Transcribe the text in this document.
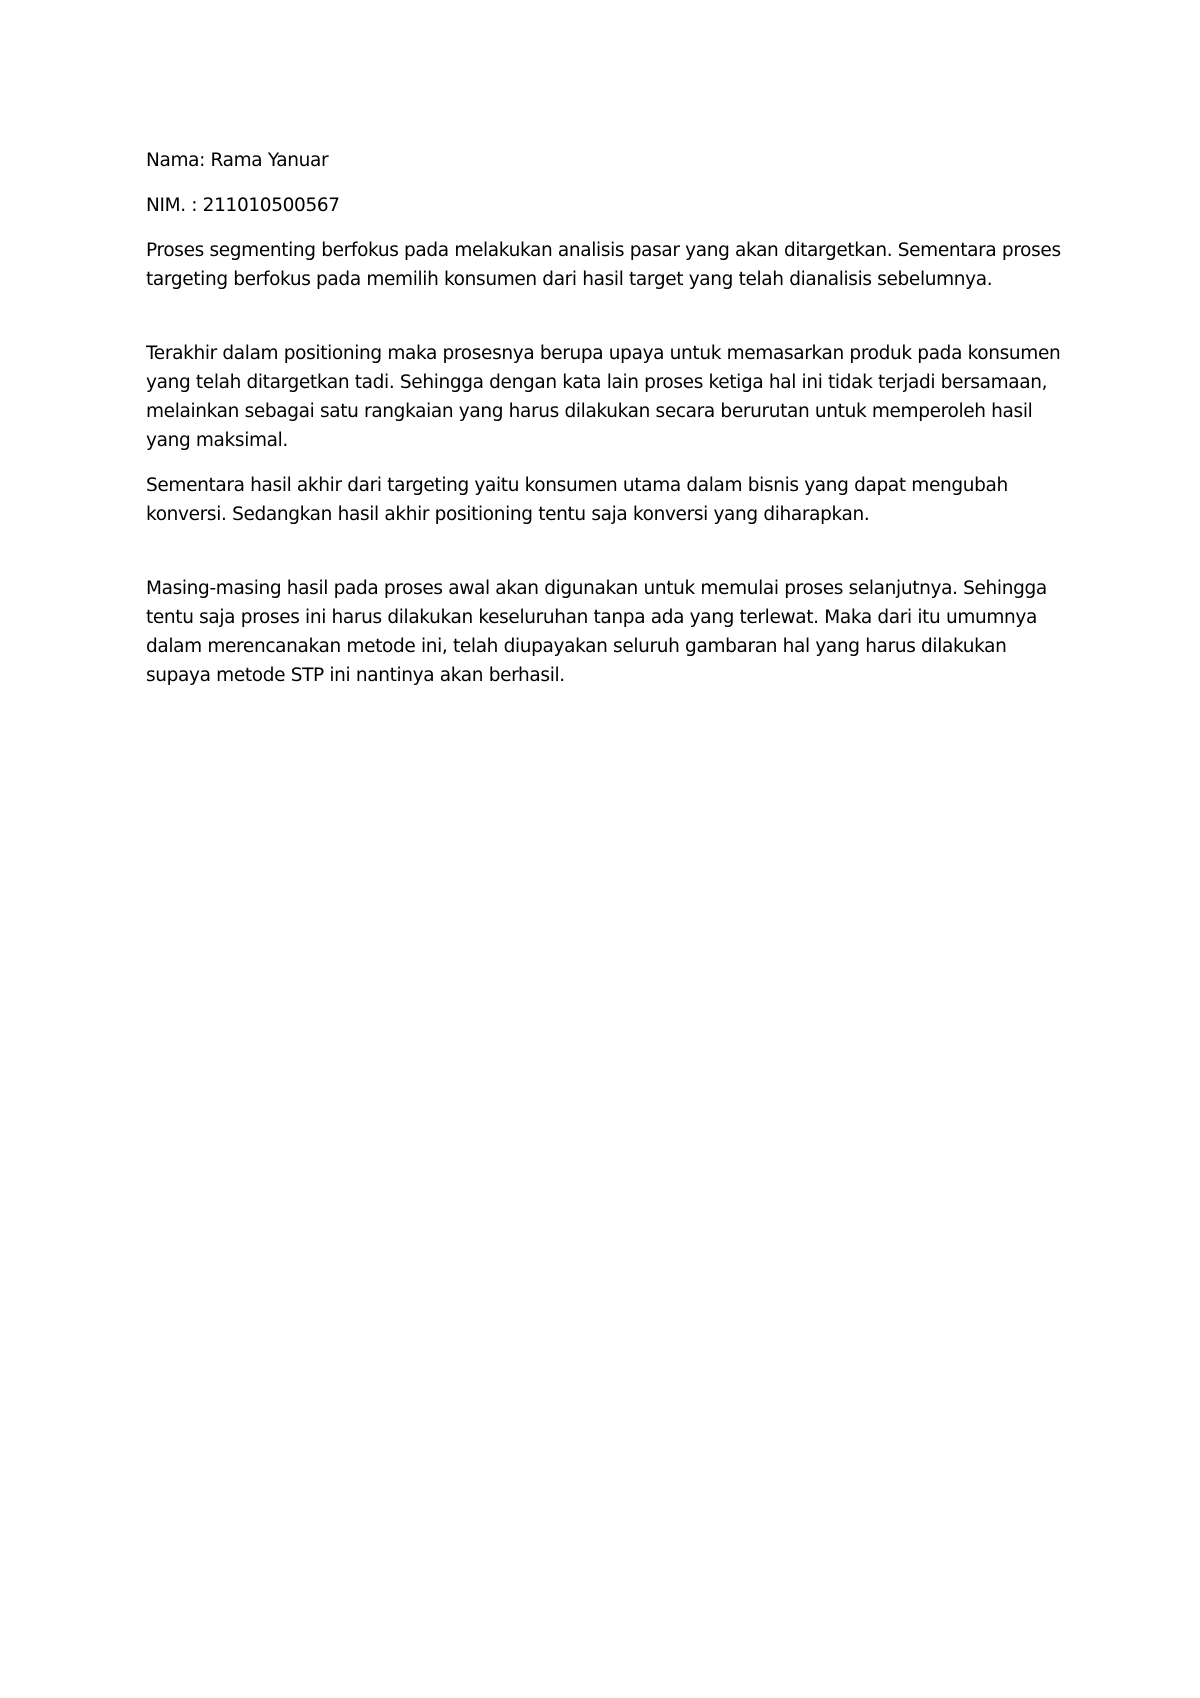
Nama: Rama Yanuar

NIM. : 211010500567

Proses segmenting berfokus pada melakukan analisis pasar yang akan ditargetkan. Sementara proses targeting berfokus pada memilih konsumen dari hasil target yang telah dianalisis sebelumnya.

Terakhir dalam positioning maka prosesnya berupa upaya untuk memasarkan produk pada konsumen yang telah ditargetkan tadi. Sehingga dengan kata lain proses ketiga hal ini tidak terjadi bersamaan, melainkan sebagai satu rangkaian yang harus dilakukan secara berurutan untuk memperoleh hasil yang maksimal.

Sementara hasil akhir dari targeting yaitu konsumen utama dalam bisnis yang dapat mengubah konversi. Sedangkan hasil akhir positioning tentu saja konversi yang diharapkan.

Masing-masing hasil pada proses awal akan digunakan untuk memulai proses selanjutnya. Sehingga tentu saja proses ini harus dilakukan keseluruhan tanpa ada yang terlewat. Maka dari itu umumnya dalam merencanakan metode ini, telah diupayakan seluruh gambaran hal yang harus dilakukan supaya metode STP ini nantinya akan berhasil.
